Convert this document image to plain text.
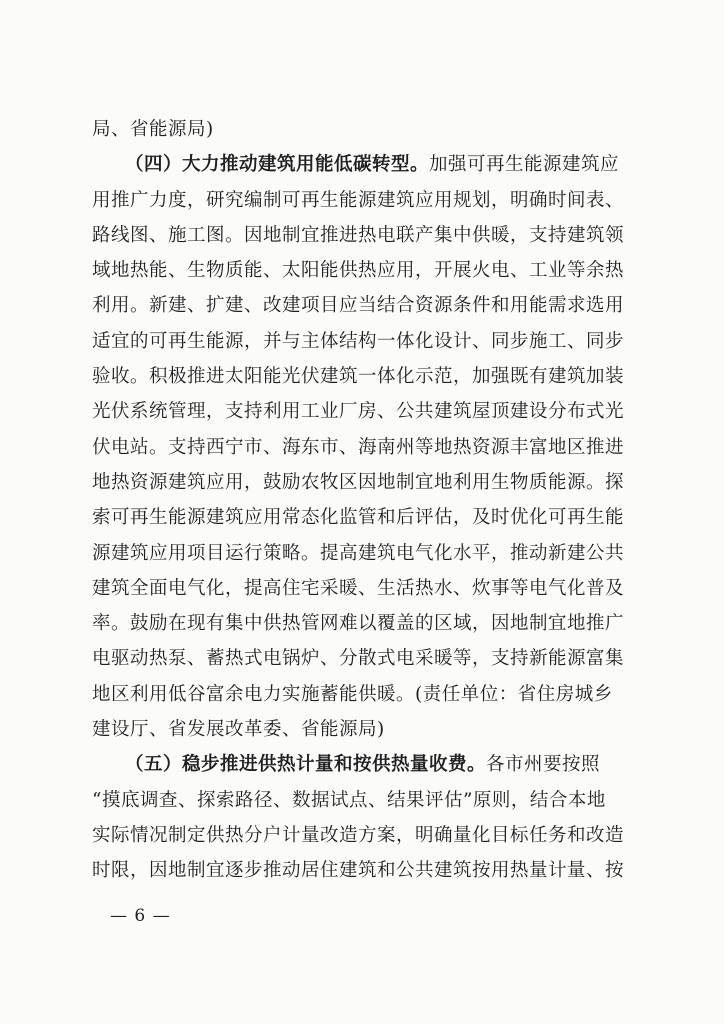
局、省能源局)
（四）大力推动建筑用能低碳转型。加强可再生能源建筑应
用推广力度，研究编制可再生能源建筑应用规划，明确时间表、
路线图、施工图。因地制宜推进热电联产集中供暖，支持建筑领
域地热能、生物质能、太阳能供热应用，开展火电、工业等余热
利用。新建、扩建、改建项目应当结合资源条件和用能需求选用
适宜的可再生能源，并与主体结构一体化设计、同步施工、同步
验收。积极推进太阳能光伏建筑一体化示范，加强既有建筑加装
光伏系统管理，支持利用工业厂房、公共建筑屋顶建设分布式光
伏电站。支持西宁市、海东市、海南州等地热资源丰富地区推进
地热资源建筑应用，鼓励农牧区因地制宜地利用生物质能源。探
索可再生能源建筑应用常态化监管和后评估，及时优化可再生能
源建筑应用项目运行策略。提高建筑电气化水平，推动新建公共
建筑全面电气化，提高住宅采暖、生活热水、炊事等电气化普及
率。鼓励在现有集中供热管网难以覆盖的区域，因地制宜地推广
电驱动热泵、蓄热式电锅炉、分散式电采暖等，支持新能源富集
地区利用低谷富余电力实施蓄能供暖。(责任单位：省住房城乡
建设厅、省发展改革委、省能源局)
（五）稳步推进供热计量和按供热量收费。各市州要按照
“摸底调查、探索路径、数据试点、结果评估”原则，结合本地
实际情况制定供热分户计量改造方案，明确量化目标任务和改造
时限，因地制宜逐步推动居住建筑和公共建筑按用热量计量、按
— 6 —
